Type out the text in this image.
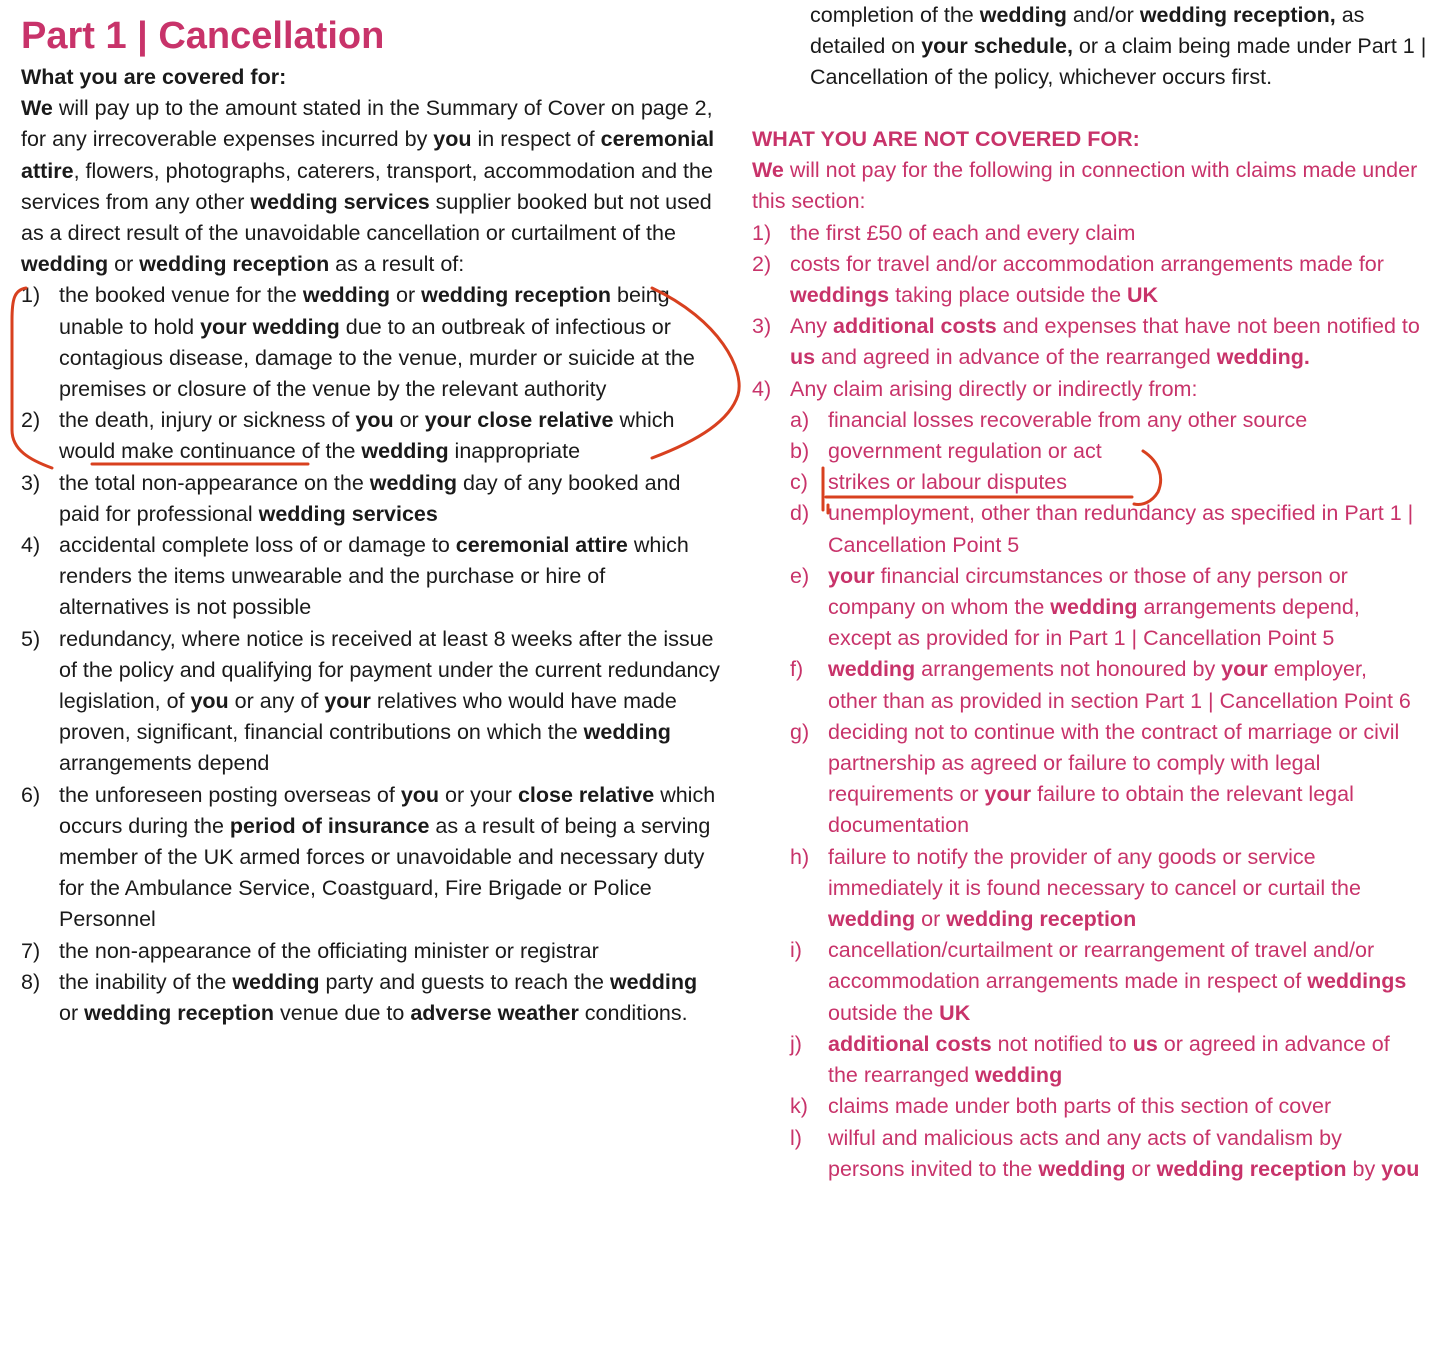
Part 1 | Cancellation
What you are covered for:

We will pay up to the amount stated in the Summary of Cover on page 2, for any irrecoverable expenses incurred by you in respect of ceremonial attire, flowers, photographs, caterers, transport, accommodation and the services from any other wedding services supplier booked but not used as a direct result of the unavoidable cancellation or curtailment of the wedding or wedding reception as a result of:

1) the booked venue for the wedding or wedding reception being unable to hold your wedding due to an outbreak of infectious or contagious disease, damage to the venue, murder or suicide at the premises or closure of the venue by the relevant authority
2) the death, injury or sickness of you or your close relative which would make continuance of the wedding inappropriate
3) the total non-appearance on the wedding day of any booked and paid for professional wedding services
4) accidental complete loss of or damage to ceremonial attire which renders the items unwearable and the purchase or hire of alternatives is not possible
5) redundancy, where notice is received at least 8 weeks after the issue of the policy and qualifying for payment under the current redundancy legislation, of you or any of your relatives who would have made proven, significant, financial contributions on which the wedding arrangements depend
6) the unforeseen posting overseas of you or your close relative which occurs during the period of insurance as a result of being a serving member of the UK armed forces or unavoidable and necessary duty for the Ambulance Service, Coastguard, Fire Brigade or Police Personnel
7) the non-appearance of the officiating minister or registrar
8) the inability of the wedding party and guests to reach the wedding or wedding reception venue due to adverse weather conditions.

completion of the wedding and/or wedding reception, as detailed on your schedule, or a claim being made under Part 1 | Cancellation of the policy, whichever occurs first.

WHAT YOU ARE NOT COVERED FOR:

We will not pay for the following in connection with claims made under this section:

1) the first £50 of each and every claim
2) costs for travel and/or accommodation arrangements made for weddings taking place outside the UK
3) Any additional costs and expenses that have not been notified to us and agreed in advance of the rearranged wedding.
4) Any claim arising directly or indirectly from:
a) financial losses recoverable from any other source
b) government regulation or act
c) strikes or labour disputes
d) unemployment, other than redundancy as specified in Part 1 | Cancellation Point 5
e) your financial circumstances or those of any person or company on whom the wedding arrangements depend, except as provided for in Part 1 | Cancellation Point 5
f) wedding arrangements not honoured by your employer, other than as provided in section Part 1 | Cancellation Point 6
g) deciding not to continue with the contract of marriage or civil partnership as agreed or failure to comply with legal requirements or your failure to obtain the relevant legal documentation
h) failure to notify the provider of any goods or service immediately it is found necessary to cancel or curtail the wedding or wedding reception
i) cancellation/curtailment or rearrangement of travel and/or accommodation arrangements made in respect of weddings outside the UK
j) additional costs not notified to us or agreed in advance of the rearranged wedding
k) claims made under both parts of this section of cover
l) wilful and malicious acts and any acts of vandalism by persons invited to the wedding or wedding reception by you
